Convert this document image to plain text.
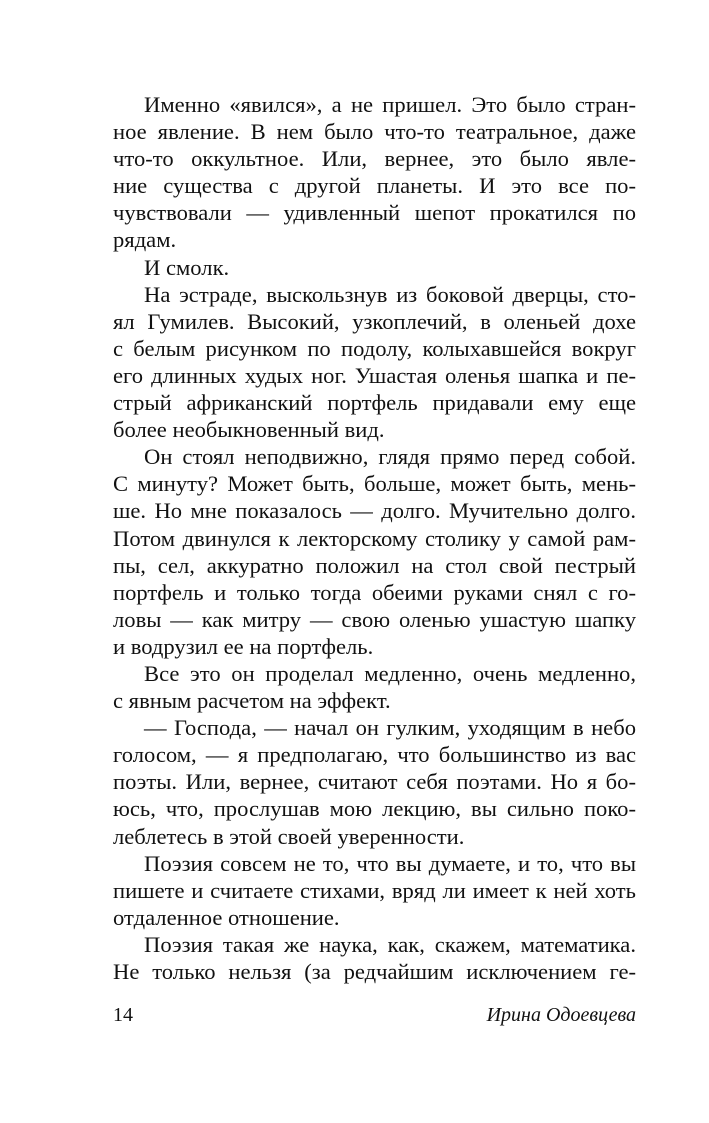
Именно «явился», а не пришел. Это было стран-
ное явление. В нем было что-то театральное, даже
что-то оккультное. Или, вернее, это было явле-
ние существа с другой планеты. И это все по-
чувствовали — удивленный шепот прокатился по
рядам.
И смолк.
На эстраде, выскользнув из боковой дверцы, сто-
ял Гумилев. Высокий, узкоплечий, в оленьей дохе
с белым рисунком по подолу, колыхавшейся вокруг
его длинных худых ног. Ушастая оленья шапка и пе-
стрый африканский портфель придавали ему еще
более необыкновенный вид.
Он стоял неподвижно, глядя прямо перед собой.
С минуту? Может быть, больше, может быть, мень-
ше. Но мне показалось — долго. Мучительно долго.
Потом двинулся к лекторскому столику у самой рам-
пы, сел, аккуратно положил на стол свой пестрый
портфель и только тогда обеими руками снял с го-
ловы — как митру — свою оленью ушастую шапку
и водрузил ее на портфель.
Все это он проделал медленно, очень медленно,
с явным расчетом на эффект.
— Господа, — начал он гулким, уходящим в небо
голосом, — я предполагаю, что большинство из вас
поэты. Или, вернее, считают себя поэтами. Но я бо-
юсь, что, прослушав мою лекцию, вы сильно поко-
леблетесь в этой своей уверенности.
Поэзия совсем не то, что вы думаете, и то, что вы
пишете и считаете стихами, вряд ли имеет к ней хоть
отдаленное отношение.
Поэзия такая же наука, как, скажем, математика.
Не только нельзя (за редчайшим исключением ге-
14	Ирина Одоевцева
